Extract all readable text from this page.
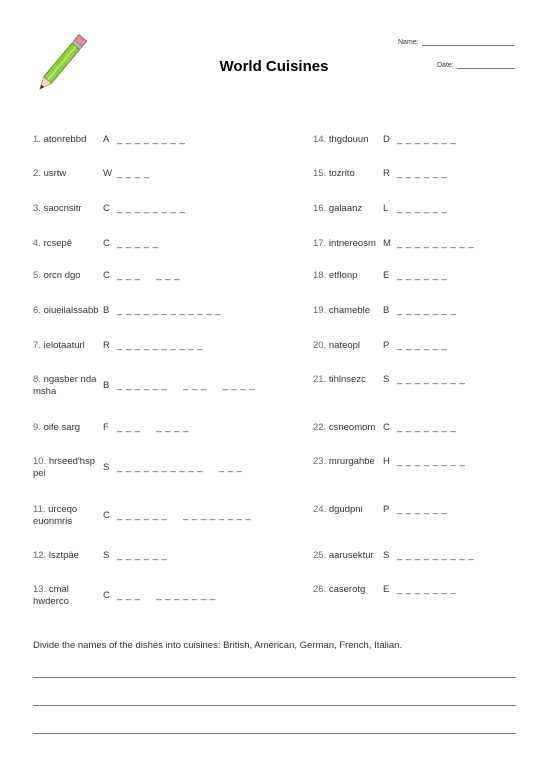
World Cuisines
Name:
Date:
1. atonrebbd	A _ _ _ _ _ _ _ _
2. usrtw	W _ _ _ _
3. saocnsitr	C _ _ _ _ _ _ _ _
4. rcsepê	C _ _ _ _ _
5. orcn dgo	C _ _ _     _ _ _
6. oiueilalssabb B _ _ _ _ _ _ _ _ _ _ _ _
7. ielotaaturl	R _ _ _ _ _ _ _ _ _ _
8. ngasber nda msha
B _ _ _ _ _ _     _ _ _     _ _ _ _
9. oife sarg	F _ _ _     _ _ _ _
10. hrseed'hsp pei
S _ _ _ _ _ _ _ _ _ _     _ _ _
11. urceqo euonmris
C _ _ _ _ _ _     _ _ _ _ _ _ _ _
12. lsztpäe	S _ _ _ _ _ _
13. cmal hwderco
C _ _ _     _ _ _ _ _ _ _
14. thgdouun	D _ _ _ _ _ _ _
15. tozrito	R _ _ _ _ _ _
16. galaanz	L _ _ _ _ _ _
17. intnereosm M _ _ _ _ _ _ _ _ _
18. etflonp	E _ _ _ _ _ _
19. chameble	B _ _ _ _ _ _ _
20. nateopl	P _ _ _ _ _ _
21. tihlnsezc	S _ _ _ _ _ _ _ _
22. csneomom C _ _ _ _ _ _ _
23. mrurgahbe H _ _ _ _ _ _ _ _
24. dgudpni	P _ _ _ _ _ _
25. aarusektur S _ _ _ _ _ _ _ _ _
26. caserotg	E _ _ _ _ _ _ _
Divide the names of the dishes into cuisines: British, American, German, French, Italian.
